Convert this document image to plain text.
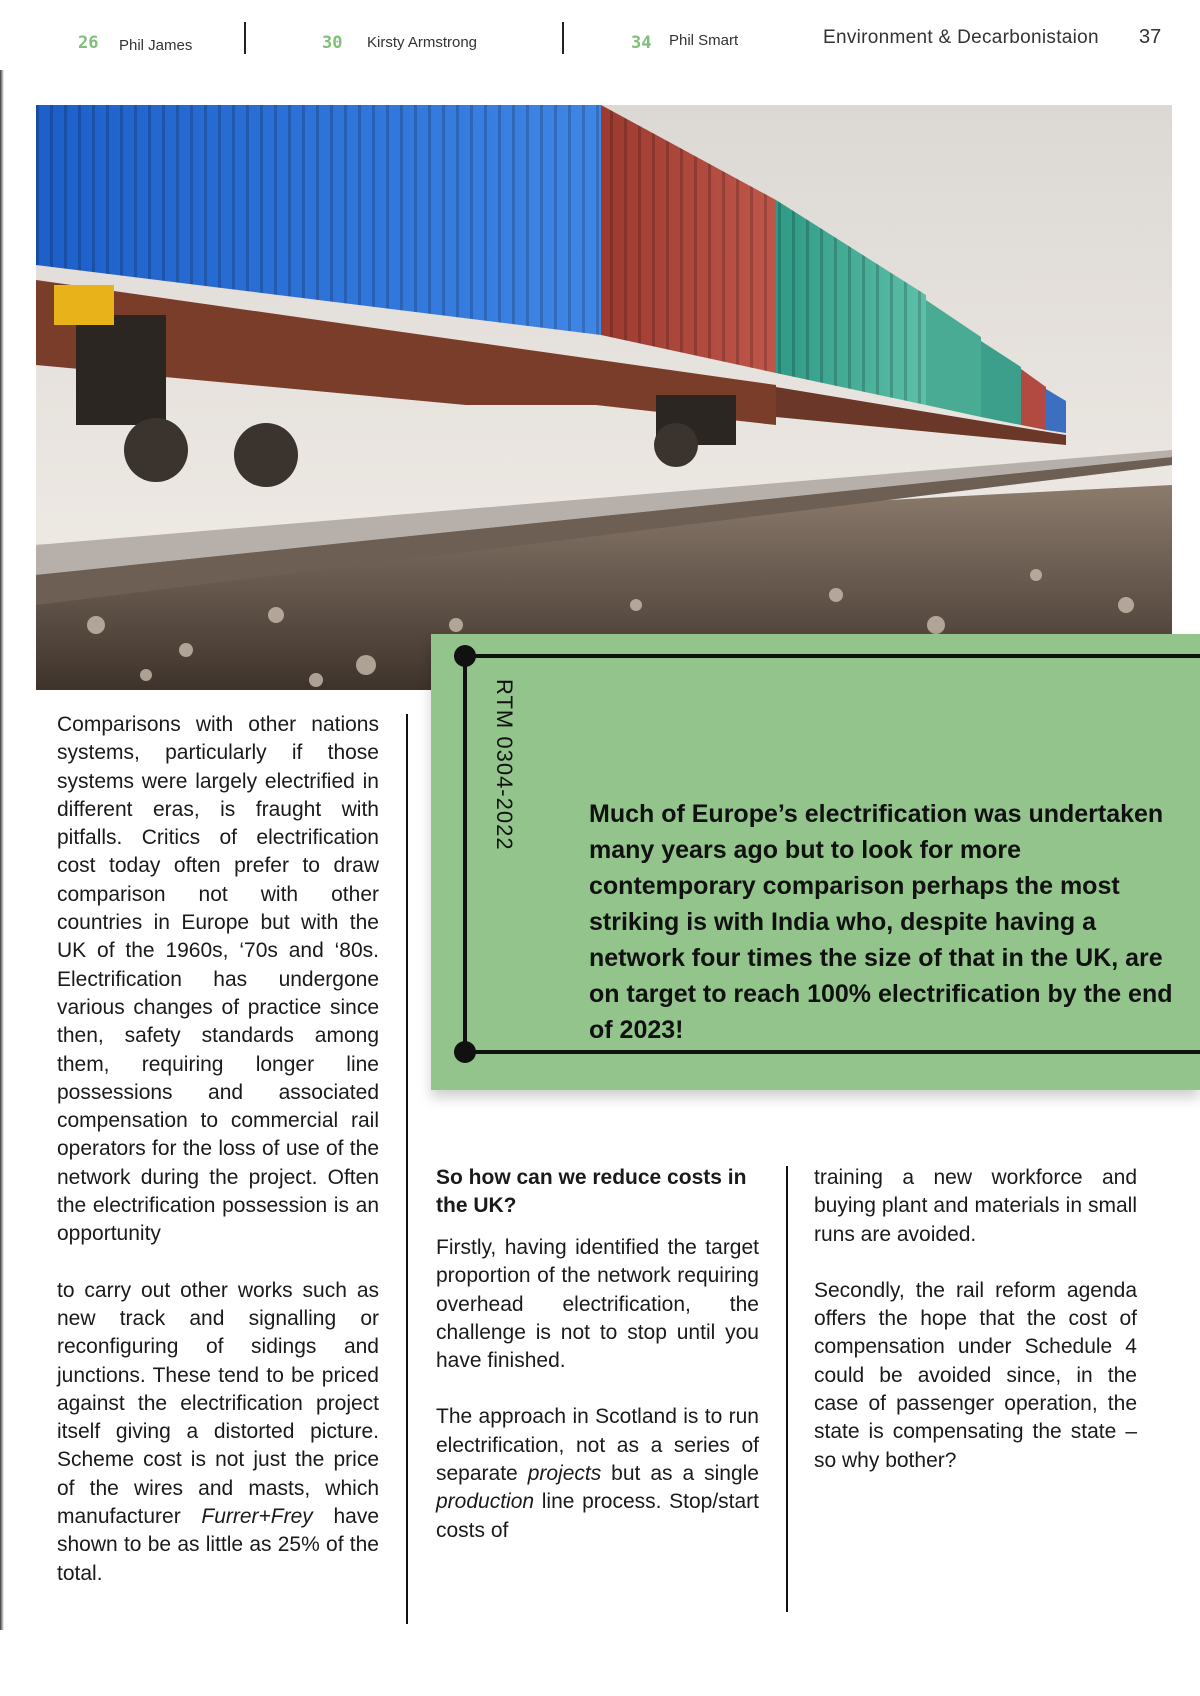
26 Phil James	30 Kirsty Armstrong	34 Phil Smart	Environment & Decarbonistaion 37
RTM 0304-2022	Much of Europe’s electrification was undertaken many years ago but to look for more contemporary comparison perhaps the most striking is with India who, despite having a network four times the size of that in the UK, are on target to reach 100% electrification by the end of 2023!

Comparisons with other nations systems, particularly if those systems were largely electrified in different eras, is fraught with pitfalls. Critics of electrification cost today often prefer to draw comparison not with other countries in Europe but with the UK of the 1960s, ‘70s and ‘80s. Electrification has undergone various changes of practice since then, safety standards among them, requiring longer line possessions and associated compensation to commercial rail operators for the loss of use of the network during the project. Often the electrification possession is an opportunity

to carry out other works such as new track and signalling or reconfiguring of sidings and junctions. These tend to be priced against the electrification project itself giving a distorted picture. Scheme cost is not just the price of the wires and masts, which manufacturer Furrer+Frey have shown to be as little as 25% of the total.

So how can we reduce costs in the UK?

Firstly, having identified the target proportion of the network requiring overhead electrification, the challenge is not to stop until you have finished.

The approach in Scotland is to run electrification, not as a series of separate projects but as a single production line process. Stop/start costs of

training a new workforce and buying plant and materials in small runs are avoided.

Secondly, the rail reform agenda offers the hope that the cost of compensation under Schedule 4 could be avoided since, in the case of passenger operation, the state is compensating the state – so why bother?
